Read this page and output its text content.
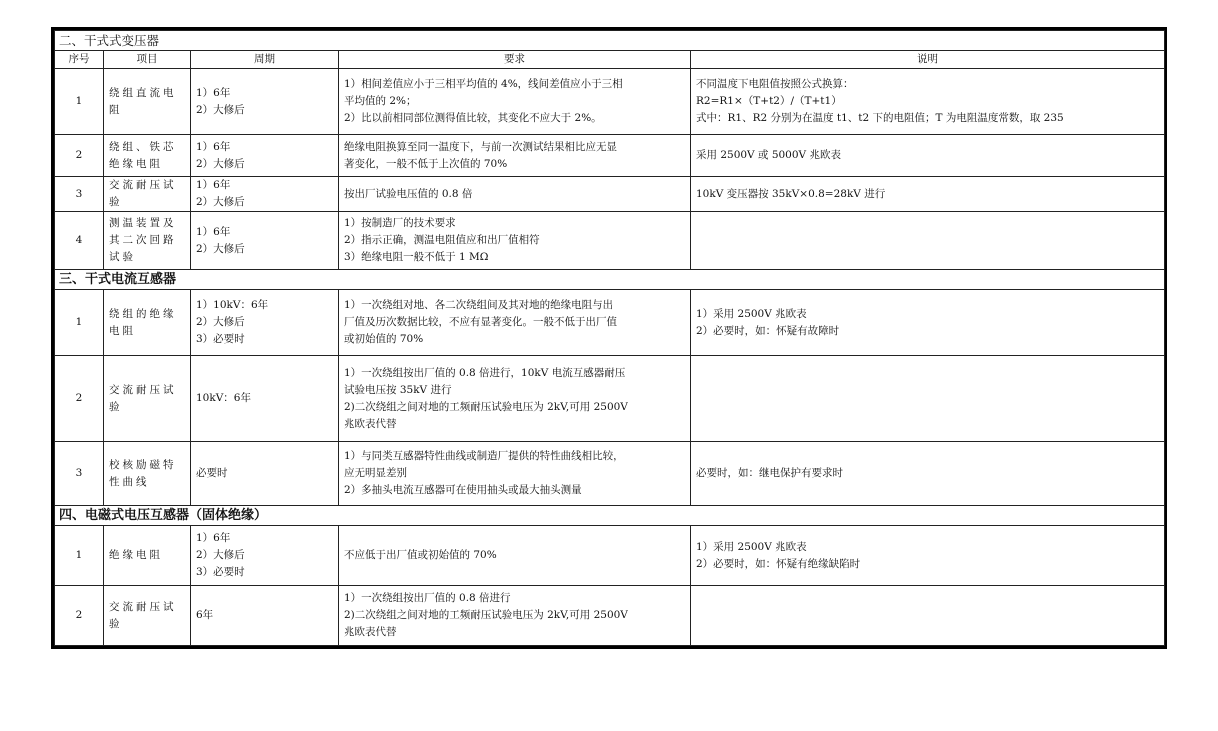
二、干式式变压器				
序号	项目	周期	要求	说明
1	绕组直流电阻	1）6年
2）大修后	1）相间差值应小于三相平均值的 4%，线间差值应小于三相
平均值的 2%；
2）比以前相同部位测得值比较，其变化不应大于 2%。	不同温度下电阻值按照公式换算：
R2=R1×（T+t2）/（T+t1）
式中：R1、R2 分别为在温度 t1、t2 下的电阻值；T 为电阻温度常数，取 235

2	绕组、铁芯绝缘电阻	1）6年
2）大修后	绝缘电阻换算至同一温度下，与前一次测试结果相比应无显
著变化，一般不低于上次值的 70%	采用 2500V 或 5000V 兆欧表

3	交流耐压试验	1）6年
2）大修后	按出厂试验电压值的 0.8 倍	10kV 变压器按 35kV×0.8=28kV 进行

4	测温装置及其二次回路试验	1）6年
2）大修后	1）按制造厂的技术要求
2）指示正确，测温电阻值应和出厂值相符
3）绝缘电阻一般不低于 1 MΩ	

三、干式电流互感器				
1	绕组的绝缘电阻	1）10kV：6年
2）大修后
3）必要时	1）一次绕组对地、各二次绕组间及其对地的绝缘电阻与出
厂值及历次数据比较，不应有显著变化。一般不低于出厂值
或初始值的 70%	1）采用 2500V 兆欧表
2）必要时，如：怀疑有故障时

2	交流耐压试验	10kV：6年	1）一次绕组按出厂值的 0.8 倍进行，10kV 电流互感器耐压
试验电压按 35kV 进行
2)二次绕组之间对地的工频耐压试验电压为 2kV,可用 2500V
兆欧表代替	

3	校核励磁特性曲线	必要时	1）与同类互感器特性曲线或制造厂提供的特性曲线相比较，
应无明显差别
2）多抽头电流互感器可在使用抽头或最大抽头测量	必要时，如：继电保护有要求时

四、电磁式电压互感器（固体绝缘）				
1	绝缘电阻	1）6年
2）大修后
3）必要时	不应低于出厂值或初始值的 70%	1）采用 2500V 兆欧表
2）必要时，如：怀疑有绝缘缺陷时

2	交流耐压试验	6年	1）一次绕组按出厂值的 0.8 倍进行
2)二次绕组之间对地的工频耐压试验电压为 2kV,可用 2500V
兆欧表代替	
